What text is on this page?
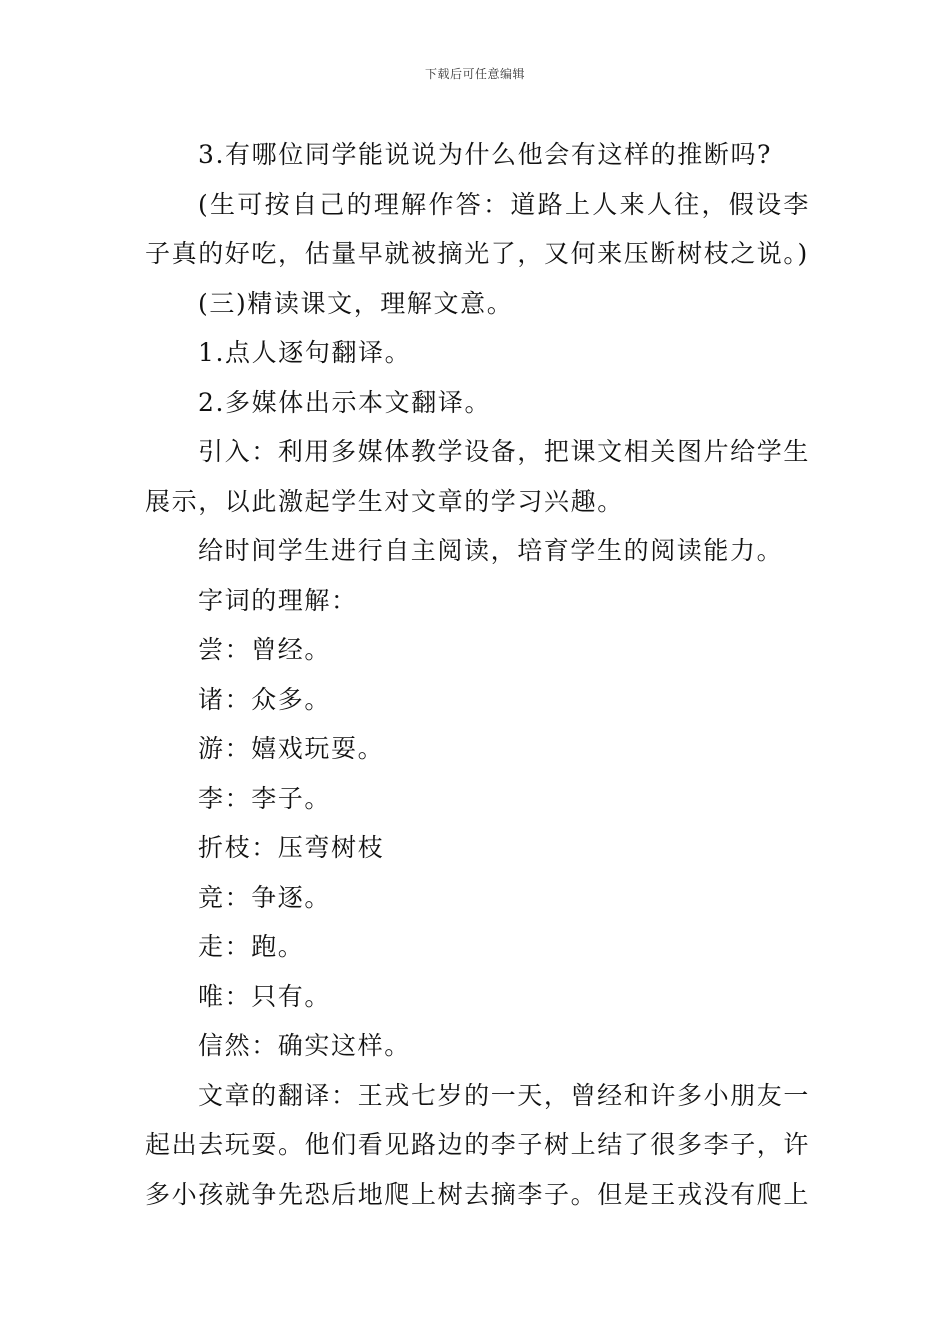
下载后可任意编辑

3.有哪位同学能说说为什么他会有这样的推断吗?

(生可按自己的理解作答：道路上人来人往，假设李子真的好吃，估量早就被摘光了，又何来压断树枝之说。)

(三)精读课文，理解文意。

1.点人逐句翻译。

2.多媒体出示本文翻译。

引入：利用多媒体教学设备，把课文相关图片给学生展示，以此激起学生对文章的学习兴趣。

给时间学生进行自主阅读，培育学生的阅读能力。

字词的理解：

尝：曾经。

诸：众多。

游：嬉戏玩耍。

李：李子。

折枝：压弯树枝

竞：争逐。

走：跑。

唯：只有。

信然：确实这样。

文章的翻译：王戎七岁的一天，曾经和许多小朋友一起出去玩耍。他们看见路边的李子树上结了很多李子，许多小孩就争先恐后地爬上树去摘李子。但是王戎没有爬上
